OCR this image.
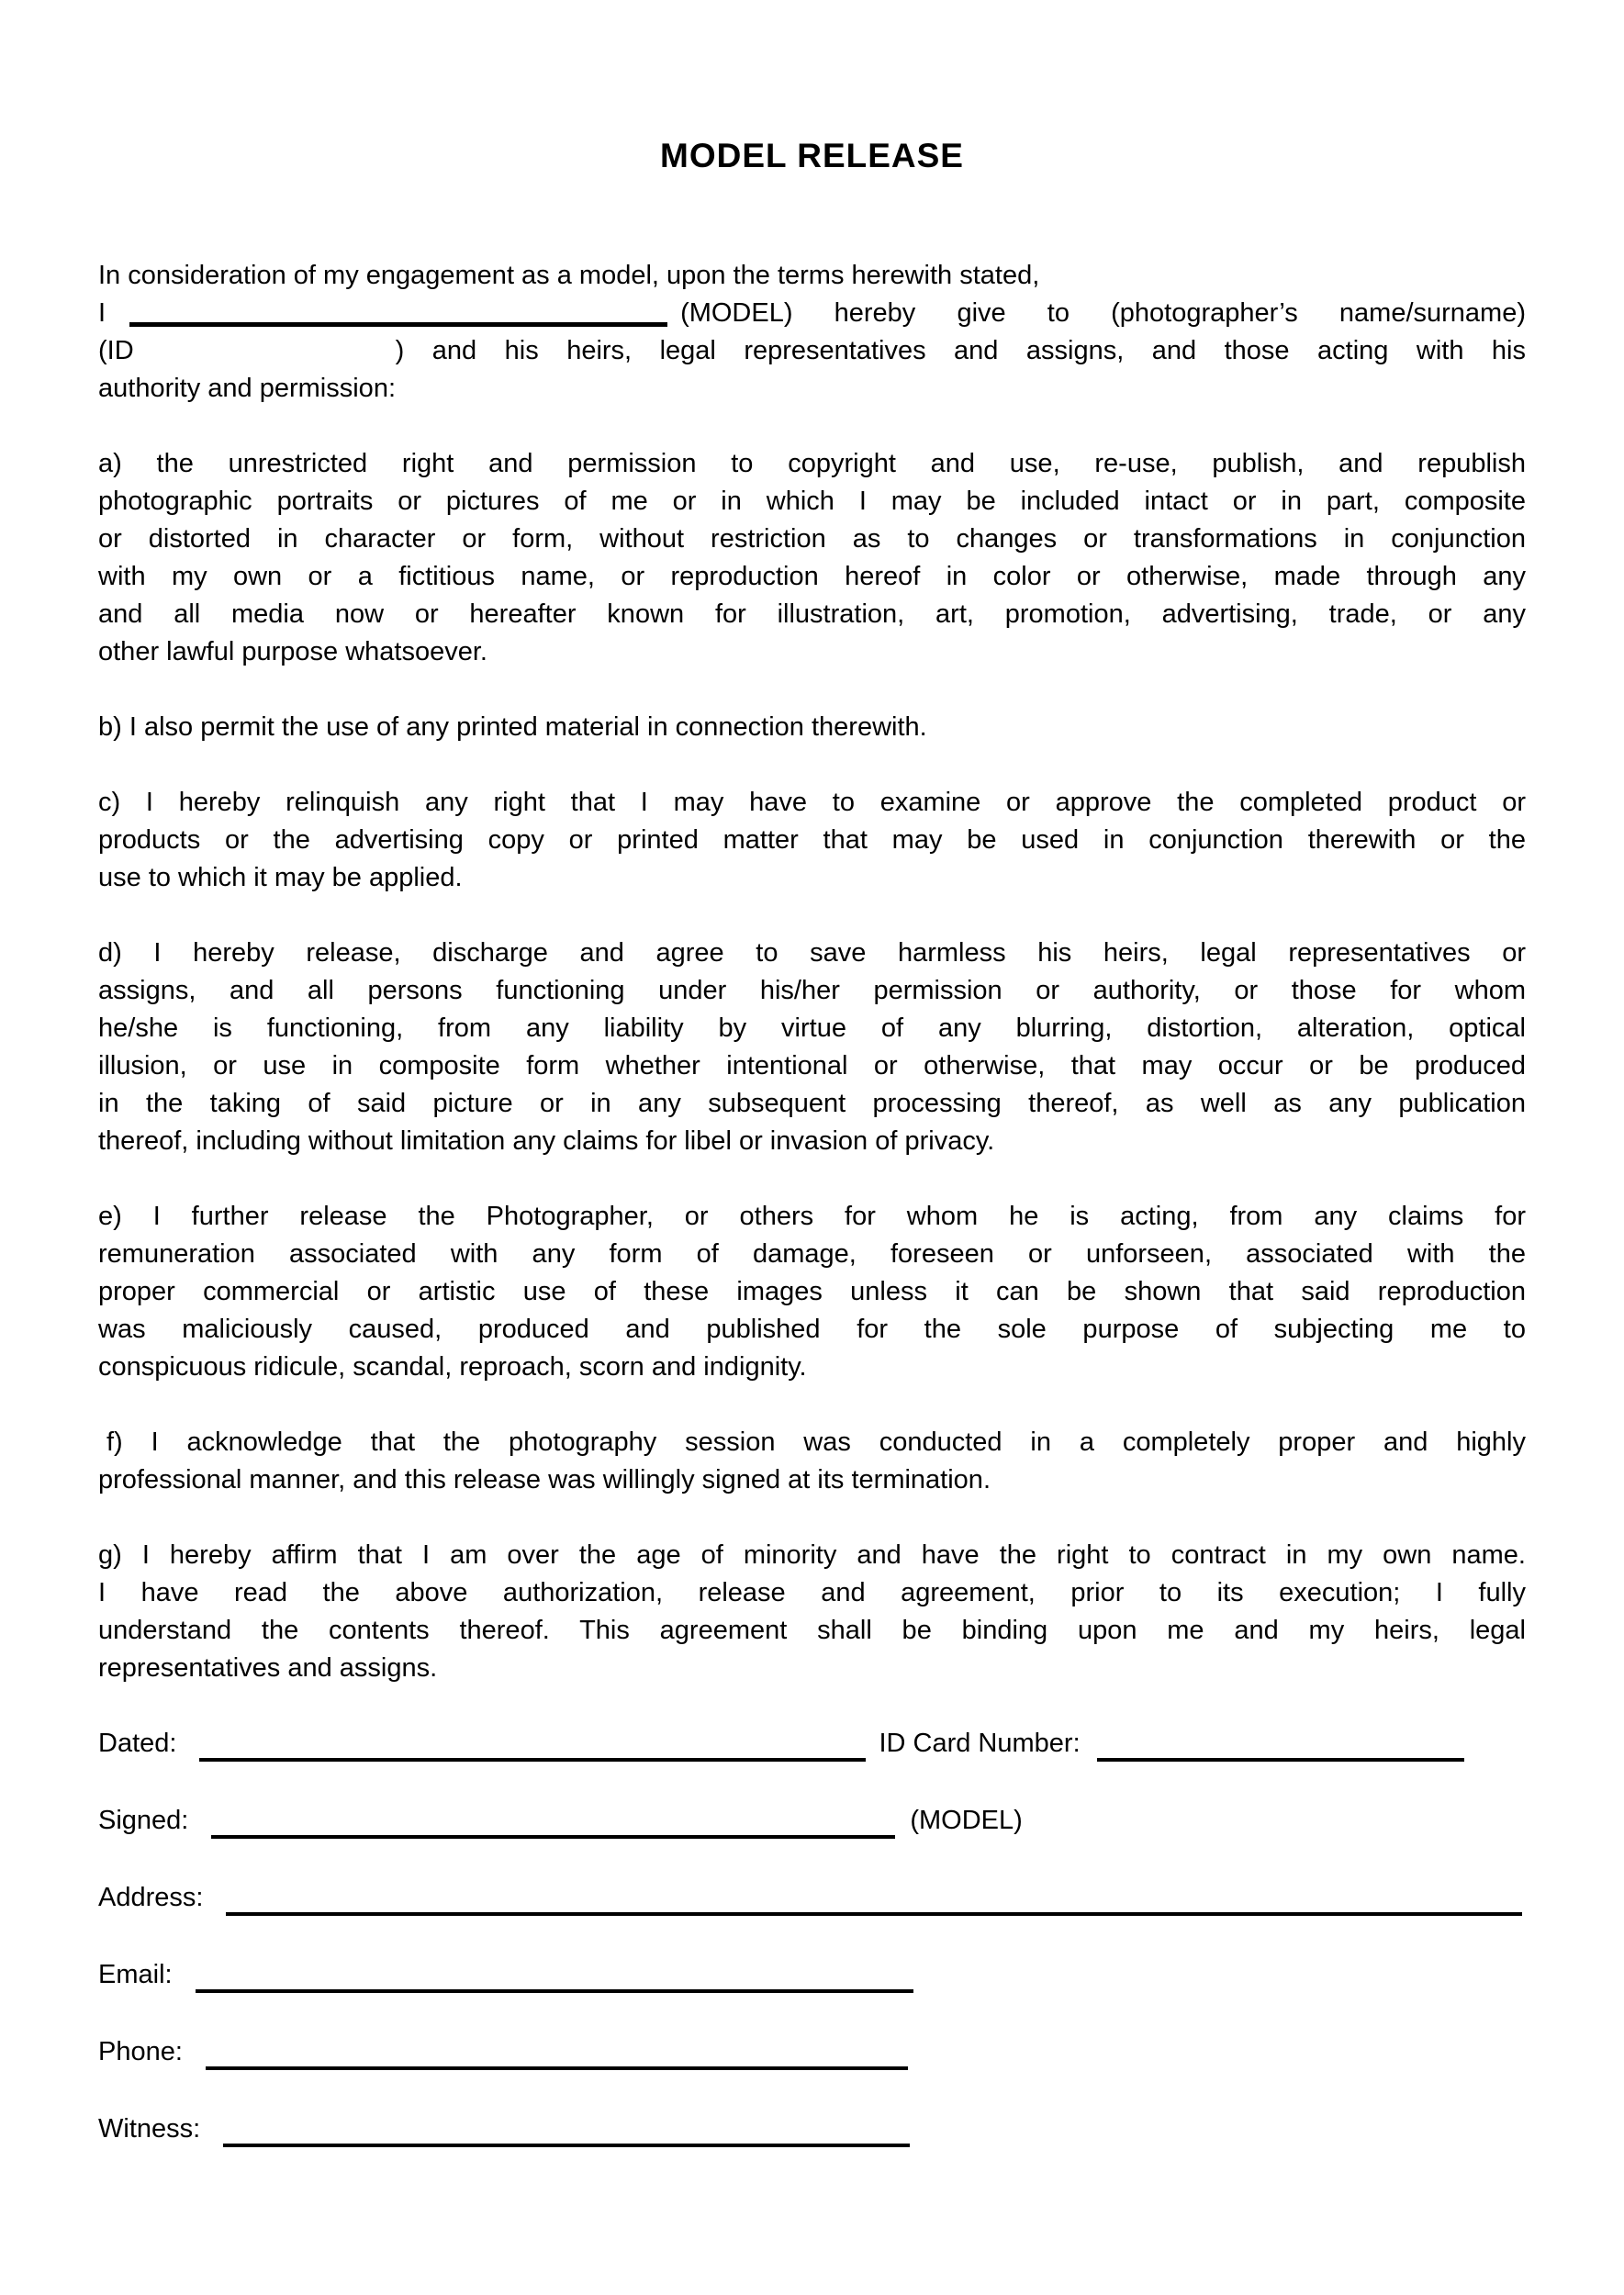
MODEL RELEASE
In consideration of my engagement as a model, upon the terms herewith stated,
I	(MODEL) hereby give to (photographer’s name/surname)
(ID	) and his heirs, legal representatives and assigns, and those acting with his
authority and permission:
a) the unrestricted right and permission to copyright and use, re-use, publish, and republish
photographic portraits or pictures of me or in which I may be included intact or in part, composite
or distorted in character or form, without restriction as to changes or transformations in conjunction
with my own or a fictitious name, or reproduction hereof in color or otherwise, made through any
and all media now or hereafter known for illustration, art, promotion, advertising, trade, or any
other lawful purpose whatsoever.
b) I also permit the use of any printed material in connection therewith.
c) I hereby relinquish any right that I may have to examine or approve the completed product or
products or the advertising copy or printed matter that may be used in conjunction therewith or the
use to which it may be applied.
d) I hereby release, discharge and agree to save harmless his heirs, legal representatives or
assigns, and all persons functioning under his/her permission or authority, or those for whom
he/she is functioning, from any liability by virtue of any blurring, distortion, alteration, optical
illusion, or use in composite form whether intentional or otherwise, that may occur or be produced
in the taking of said picture or in any subsequent processing thereof, as well as any publication
thereof, including without limitation any claims for libel or invasion of privacy.
e) I further release the Photographer, or others for whom he is acting, from any claims for
remuneration associated with any form of damage, foreseen or unforseen, associated with the
proper commercial or artistic use of these images unless it can be shown that said reproduction
was maliciously caused, produced and published for the sole purpose of subjecting me to
conspicuous ridicule, scandal, reproach, scorn and indignity.
f) I acknowledge that the photography session was conducted in a completely proper and highly
professional manner, and this release was willingly signed at its termination.
g) I hereby affirm that I am over the age of minority and have the right to contract in my own name.
I have read the above authorization, release and agreement, prior to its execution; I fully
understand the contents thereof. This agreement shall be binding upon me and my heirs, legal
representatives and assigns.
Dated:	ID Card Number:
Signed:	(MODEL)
Address:
Email:
Phone:
Witness:
